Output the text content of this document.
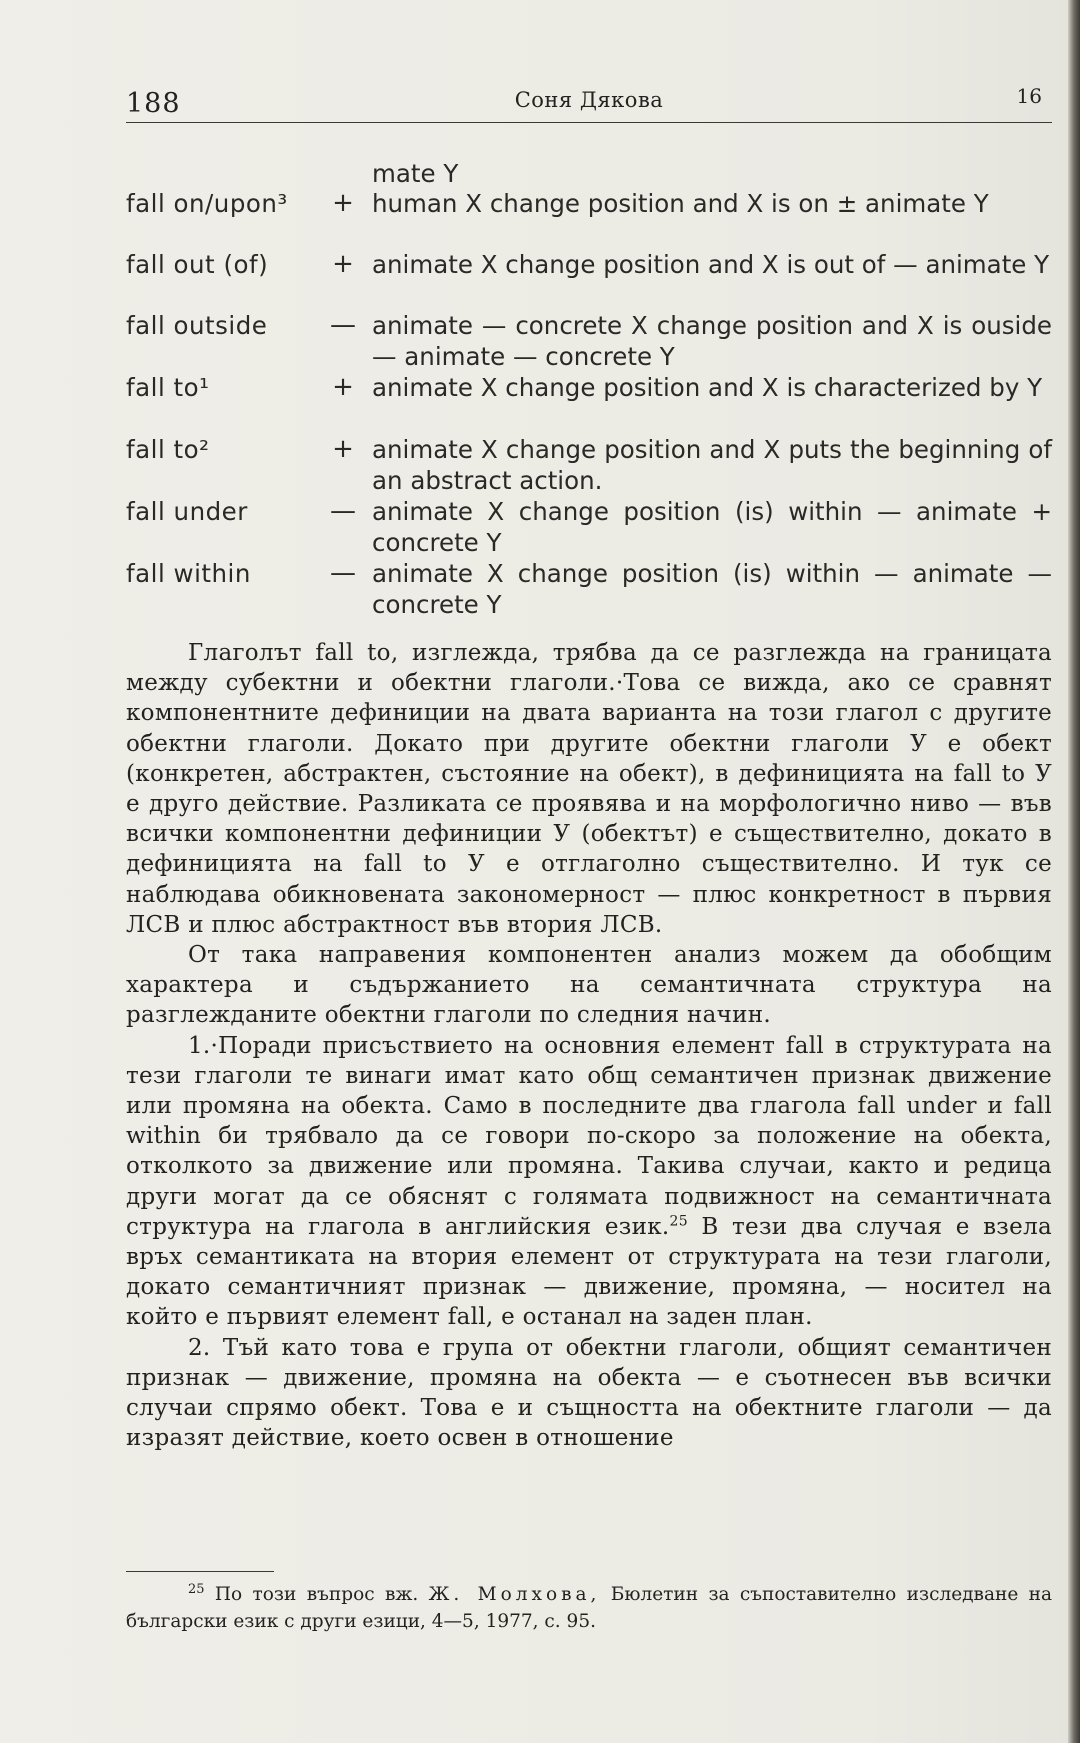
188	Соня Дякова	16
mate Y
fall on/upon³	+ human X change position and X is on ± animate Y
fall out (of)	+ animate X change position and X is out of — animate Y
fall outside	— animate — concrete X change position and X is ouside — animate — concrete Y
fall to¹	+ animate X change position and X is characterized by Y
fall to²	+ animate X change position and X puts the beginning of an abstract action.
fall under	— animate X change position (is) within — animate + concrete Y
fall within	— animate X change position (is) within — animate — concrete Y

Глаголът fall to, изглежда, трябва да се разглежда на границата между субектни и обектни глаголи.·Това се вижда, ако се сравнят компонентните дефиниции на двата варианта на този глагол с другите обектни глаголи. Докато при другите обектни глаголи У е обект (конкретен, абстрактен, състояние на обект), в дефиницията на fall to У е друго действие. Разликата се проявява и на морфологично ниво — във всички компонентни дефиниции У (обектът) е съществително, докато в дефиницията на fall to У е отглаголно съществително. И тук се наблюдава обикновената закономерност — плюс конкретност в първия ЛСВ и плюс абстрактност във втория ЛСВ.

От така направения компонентен анализ можем да обобщим характера и съдържанието на семантичната структура на разглежданите обектни глаголи по следния начин.

1.·Поради присъствието на основния елемент fall в структурата на тези глаголи те винаги имат като общ семантичен признак движение или промяна на обекта. Само в последните два глагола fall under и fall within би трябвало да се говори по-скоро за положение на обекта, отколкото за движение или промяна. Такива случаи, както и редица други могат да се обяснят с голямата подвижност на семантичната структура на глагола в английския език.$^{25}$ В тези два случая е взела връх семантиката на втория елемент от структурата на тези глаголи, докато семантичният признак — движение, промяна, — носител на който е първият елемент fall, е останал на заден план.

2. Тъй като това е група от обектни глаголи, общият семантичен признак — движение, промяна на обекта — е съотнесен във всички случаи спрямо обект. Това е и същността на обектните глаголи — да изразят действие, което освен в отношение

$^{25}$ По този въпрос вж. Ж. Молхова, Бюлетин за съпоставително изследване на български език с други езици, 4—5, 1977, с. 95.
